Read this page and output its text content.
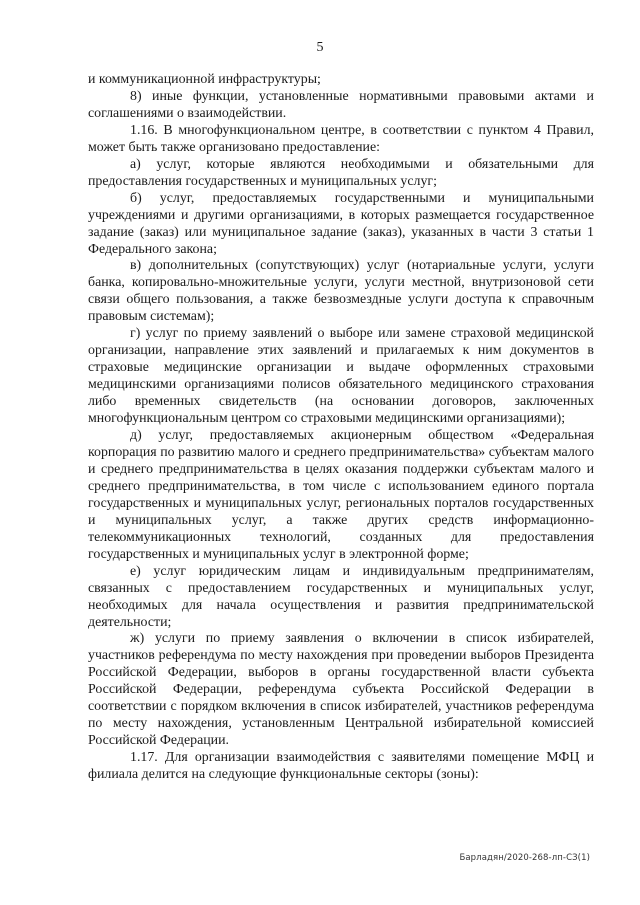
5

и коммуникационной инфраструктуры;

8) иные функции, установленные нормативными правовыми актами и соглашениями о взаимодействии.

1.16. В многофункциональном центре, в соответствии с пунктом 4 Правил, может быть также организовано предоставление:

а) услуг, которые являются необходимыми и обязательными для предоставления государственных и муниципальных услуг;

б) услуг, предоставляемых государственными и муниципальными учреждениями и другими организациями, в которых размещается государственное задание (заказ) или муниципальное задание (заказ), указанных в части 3 статьи 1 Федерального закона;

в) дополнительных (сопутствующих) услуг (нотариальные услуги, услуги банка, копировально-множительные услуги, услуги местной, внутризоновой сети связи общего пользования, а также безвозмездные услуги доступа к справочным правовым системам);

г) услуг по приему заявлений о выборе или замене страховой медицинской организации, направление этих заявлений и прилагаемых к ним документов в страховые медицинские организации и выдаче оформленных страховыми медицинскими организациями полисов обязательного медицинского страхования либо временных свидетельств (на основании договоров, заключенных многофункциональным центром со страховыми медицинскими организациями);

д) услуг, предоставляемых акционерным обществом «Федеральная корпорация по развитию малого и среднего предпринимательства» субъектам малого и среднего предпринимательства в целях оказания поддержки субъектам малого и среднего предпринимательства, в том числе с использованием единого портала государственных и муниципальных услуг, региональных порталов государственных и муниципальных услуг, а также других средств информационно-телекоммуникационных технологий, созданных для предоставления государственных и муниципальных услуг в электронной форме;

е) услуг юридическим лицам и индивидуальным предпринимателям, связанных с предоставлением государственных и муниципальных услуг, необходимых для начала осуществления и развития предпринимательской деятельности;

ж) услуги по приему заявления о включении в список избирателей, участников референдума по месту нахождения при проведении выборов Президента Российской Федерации, выборов в органы государственной власти субъекта Российской Федерации, референдума субъекта Российской Федерации в соответствии с порядком включения в список избирателей, участников референдума по месту нахождения, установленным Центральной избирательной комиссией Российской Федерации.

1.17. Для организации взаимодействия с заявителями помещение МФЦ и филиала делится на следующие функциональные секторы (зоны):

Барладян/2020-268-лп-СЗ(1)
